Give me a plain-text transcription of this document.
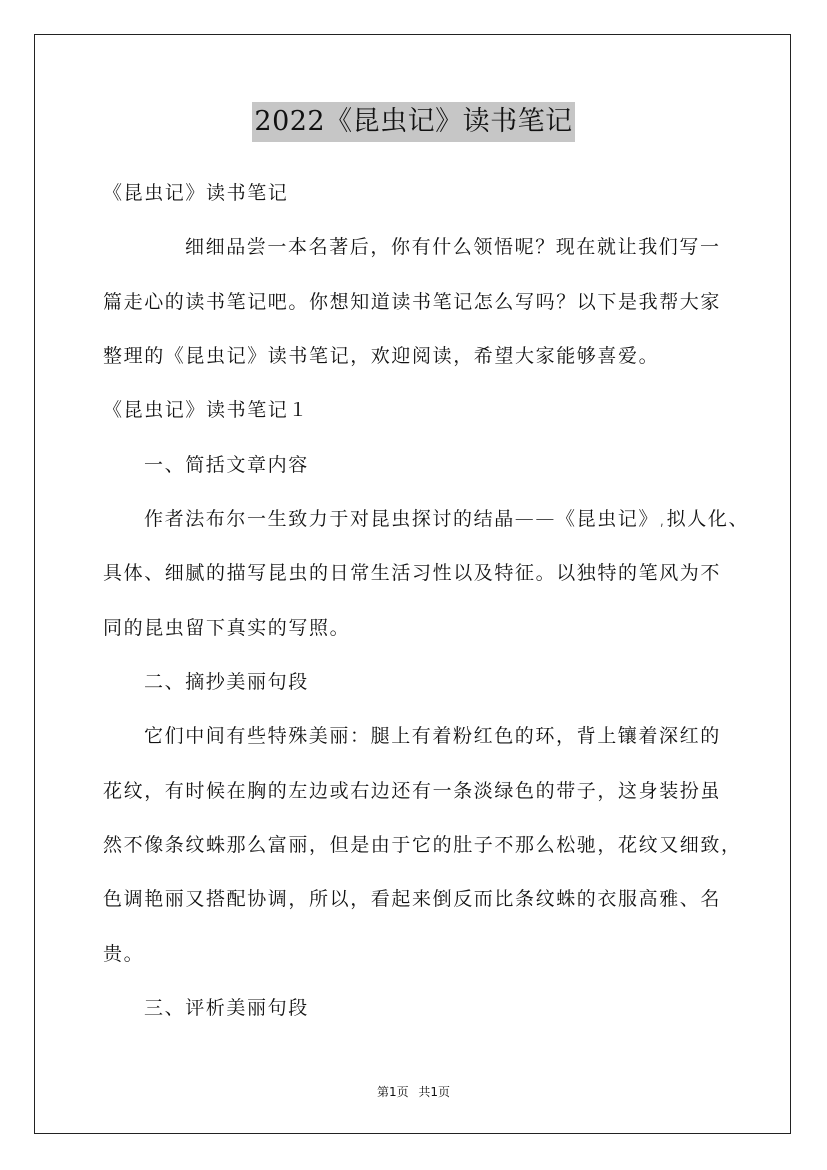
2022《昆虫记》读书笔记
《昆虫记》读书笔记
细细品尝一本名著后，你有什么领悟呢？现在就让我们写一
篇走心的读书笔记吧。你想知道读书笔记怎么写吗？以下是我帮大家
整理的《昆虫记》读书笔记，欢迎阅读，希望大家能够喜爱。
《昆虫记》读书笔记１
一、简括文章内容
作者法布尔一生致力于对昆虫探讨的结晶——《昆虫记》,拟人化、
具体、细腻的描写昆虫的日常生活习性以及特征。以独特的笔风为不
同的昆虫留下真实的写照。
二、摘抄美丽句段
它们中间有些特殊美丽：腿上有着粉红色的环，背上镶着深红的
花纹，有时候在胸的左边或右边还有一条淡绿色的带子，这身装扮虽
然不像条纹蛛那么富丽，但是由于它的肚子不那么松驰，花纹又细致，
色调艳丽又搭配协调，所以，看起来倒反而比条纹蛛的衣服高雅、名
贵。
三、评析美丽句段
第1页 共1页
